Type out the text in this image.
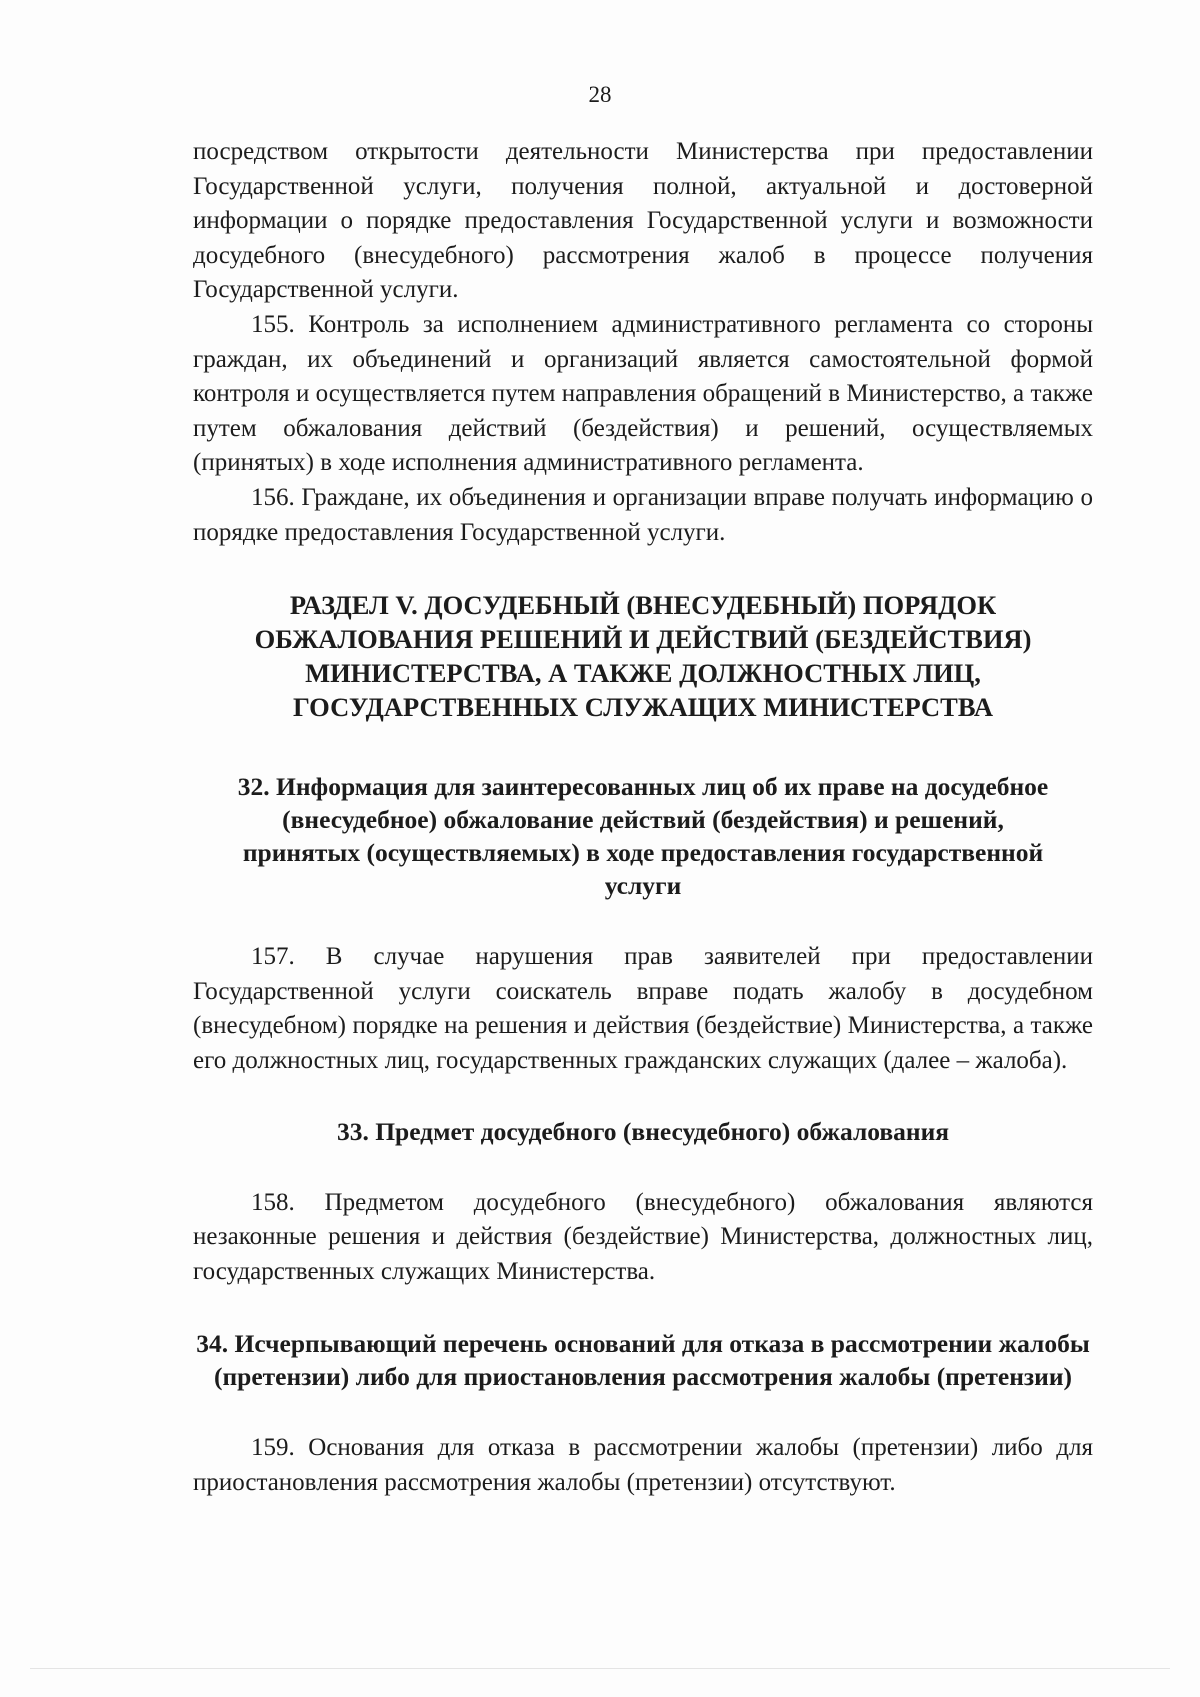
28

посредством открытости деятельности Министерства при предоставлении Государственной услуги, получения полной, актуальной и достоверной информации о порядке предоставления Государственной услуги и возможности досудебного (внесудебного) рассмотрения жалоб в процессе получения Государственной услуги.

155. Контроль за исполнением административного регламента со стороны граждан, их объединений и организаций является самостоятельной формой контроля и осуществляется путем направления обращений в Министерство, а также путем обжалования действий (бездействия) и решений, осуществляемых (принятых) в ходе исполнения административного регламента.

156. Граждане, их объединения и организации вправе получать информацию о порядке предоставления Государственной услуги.

РАЗДЕЛ V. ДОСУДЕБНЫЙ (ВНЕСУДЕБНЫЙ) ПОРЯДОК ОБЖАЛОВАНИЯ РЕШЕНИЙ И ДЕЙСТВИЙ (БЕЗДЕЙСТВИЯ) МИНИСТЕРСТВА, А ТАКЖЕ ДОЛЖНОСТНЫХ ЛИЦ, ГОСУДАРСТВЕННЫХ СЛУЖАЩИХ МИНИСТЕРСТВА
32. Информация для заинтересованных лиц об их праве на досудебное (внесудебное) обжалование действий (бездействия) и решений, принятых (осуществляемых) в ходе предоставления государственной услуги

157. В случае нарушения прав заявителей при предоставлении Государственной услуги соискатель вправе подать жалобу в досудебном (внесудебном) порядке на решения и действия (бездействие) Министерства, а также его должностных лиц, государственных гражданских служащих (далее – жалоба).

33. Предмет досудебного (внесудебного) обжалования

158. Предметом досудебного (внесудебного) обжалования являются незаконные решения и действия (бездействие) Министерства, должностных лиц, государственных служащих Министерства.

34. Исчерпывающий перечень оснований для отказа в рассмотрении жалобы (претензии) либо для приостановления рассмотрения жалобы (претензии)

159. Основания для отказа в рассмотрении жалобы (претензии) либо для приостановления рассмотрения жалобы (претензии) отсутствуют.
